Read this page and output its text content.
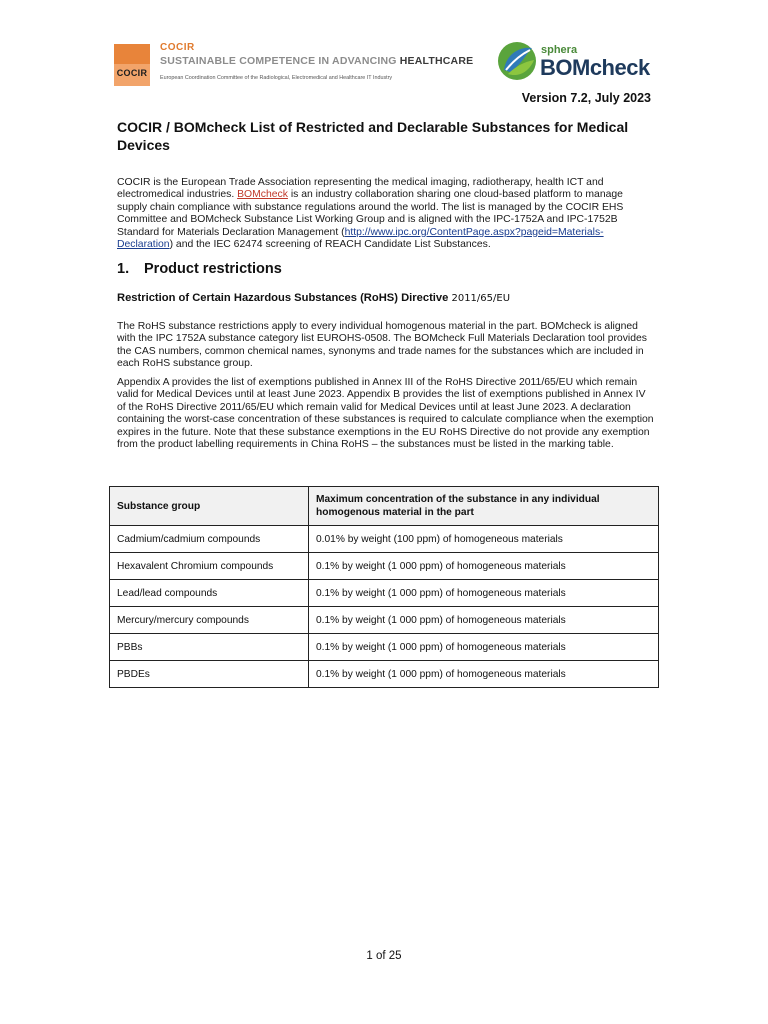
COCIR
COCIR
SUSTAINABLE COMPETENCE IN ADVANCING HEALTHCARE
European Coordination Committee of the Radiological, Electromedical and Healthcare IT Industry
sphera
BOMcheck
Version 7.2, July 2023
COCIR / BOMcheck List of Restricted and Declarable Substances for Medical Devices
COCIR is the European Trade Association representing the medical imaging, radiotherapy, health ICT and electromedical industries. BOMcheck is an industry collaboration sharing one cloud-based platform to manage supply chain compliance with substance regulations around the world. The list is managed by the COCIR EHS Committee and BOMcheck Substance List Working Group and is aligned with the IPC-1752A and IPC-1752B Standard for Materials Declaration Management (http://www.ipc.org/ContentPage.aspx?pageid=Materials-Declaration) and the IEC 62474 screening of REACH Candidate List Substances.
1. Product restrictions
Restriction of Certain Hazardous Substances (RoHS) Directive 2011/65/EU
The RoHS substance restrictions apply to every individual homogenous material in the part. BOMcheck is aligned with the IPC 1752A substance category list EUROHS-0508. The BOMcheck Full Materials Declaration tool provides the CAS numbers, common chemical names, synonyms and trade names for the substances which are included in each RoHS substance group.
Appendix A provides the list of exemptions published in Annex III of the RoHS Directive 2011/65/EU which remain valid for Medical Devices until at least June 2023. Appendix B provides the list of exemptions published in Annex IV of the RoHS Directive 2011/65/EU which remain valid for Medical Devices until at least June 2023. A declaration containing the worst-case concentration of these substances is required to calculate compliance when the exemption expires in the future. Note that these substance exemptions in the EU RoHS Directive do not provide any exemption from the product labelling requirements in China RoHS – the substances must be listed in the marking table.
Substance group	Maximum concentration of the substance in any individual homogenous material in the part
Cadmium/cadmium compounds	0.01% by weight (100 ppm) of homogeneous materials
Hexavalent Chromium compounds	0.1% by weight (1 000 ppm) of homogeneous materials
Lead/lead compounds	0.1% by weight (1 000 ppm) of homogeneous materials
Mercury/mercury compounds	0.1% by weight (1 000 ppm) of homogeneous materials
PBBs	0.1% by weight (1 000 ppm) of homogeneous materials
PBDEs	0.1% by weight (1 000 ppm) of homogeneous materials
1 of 25
